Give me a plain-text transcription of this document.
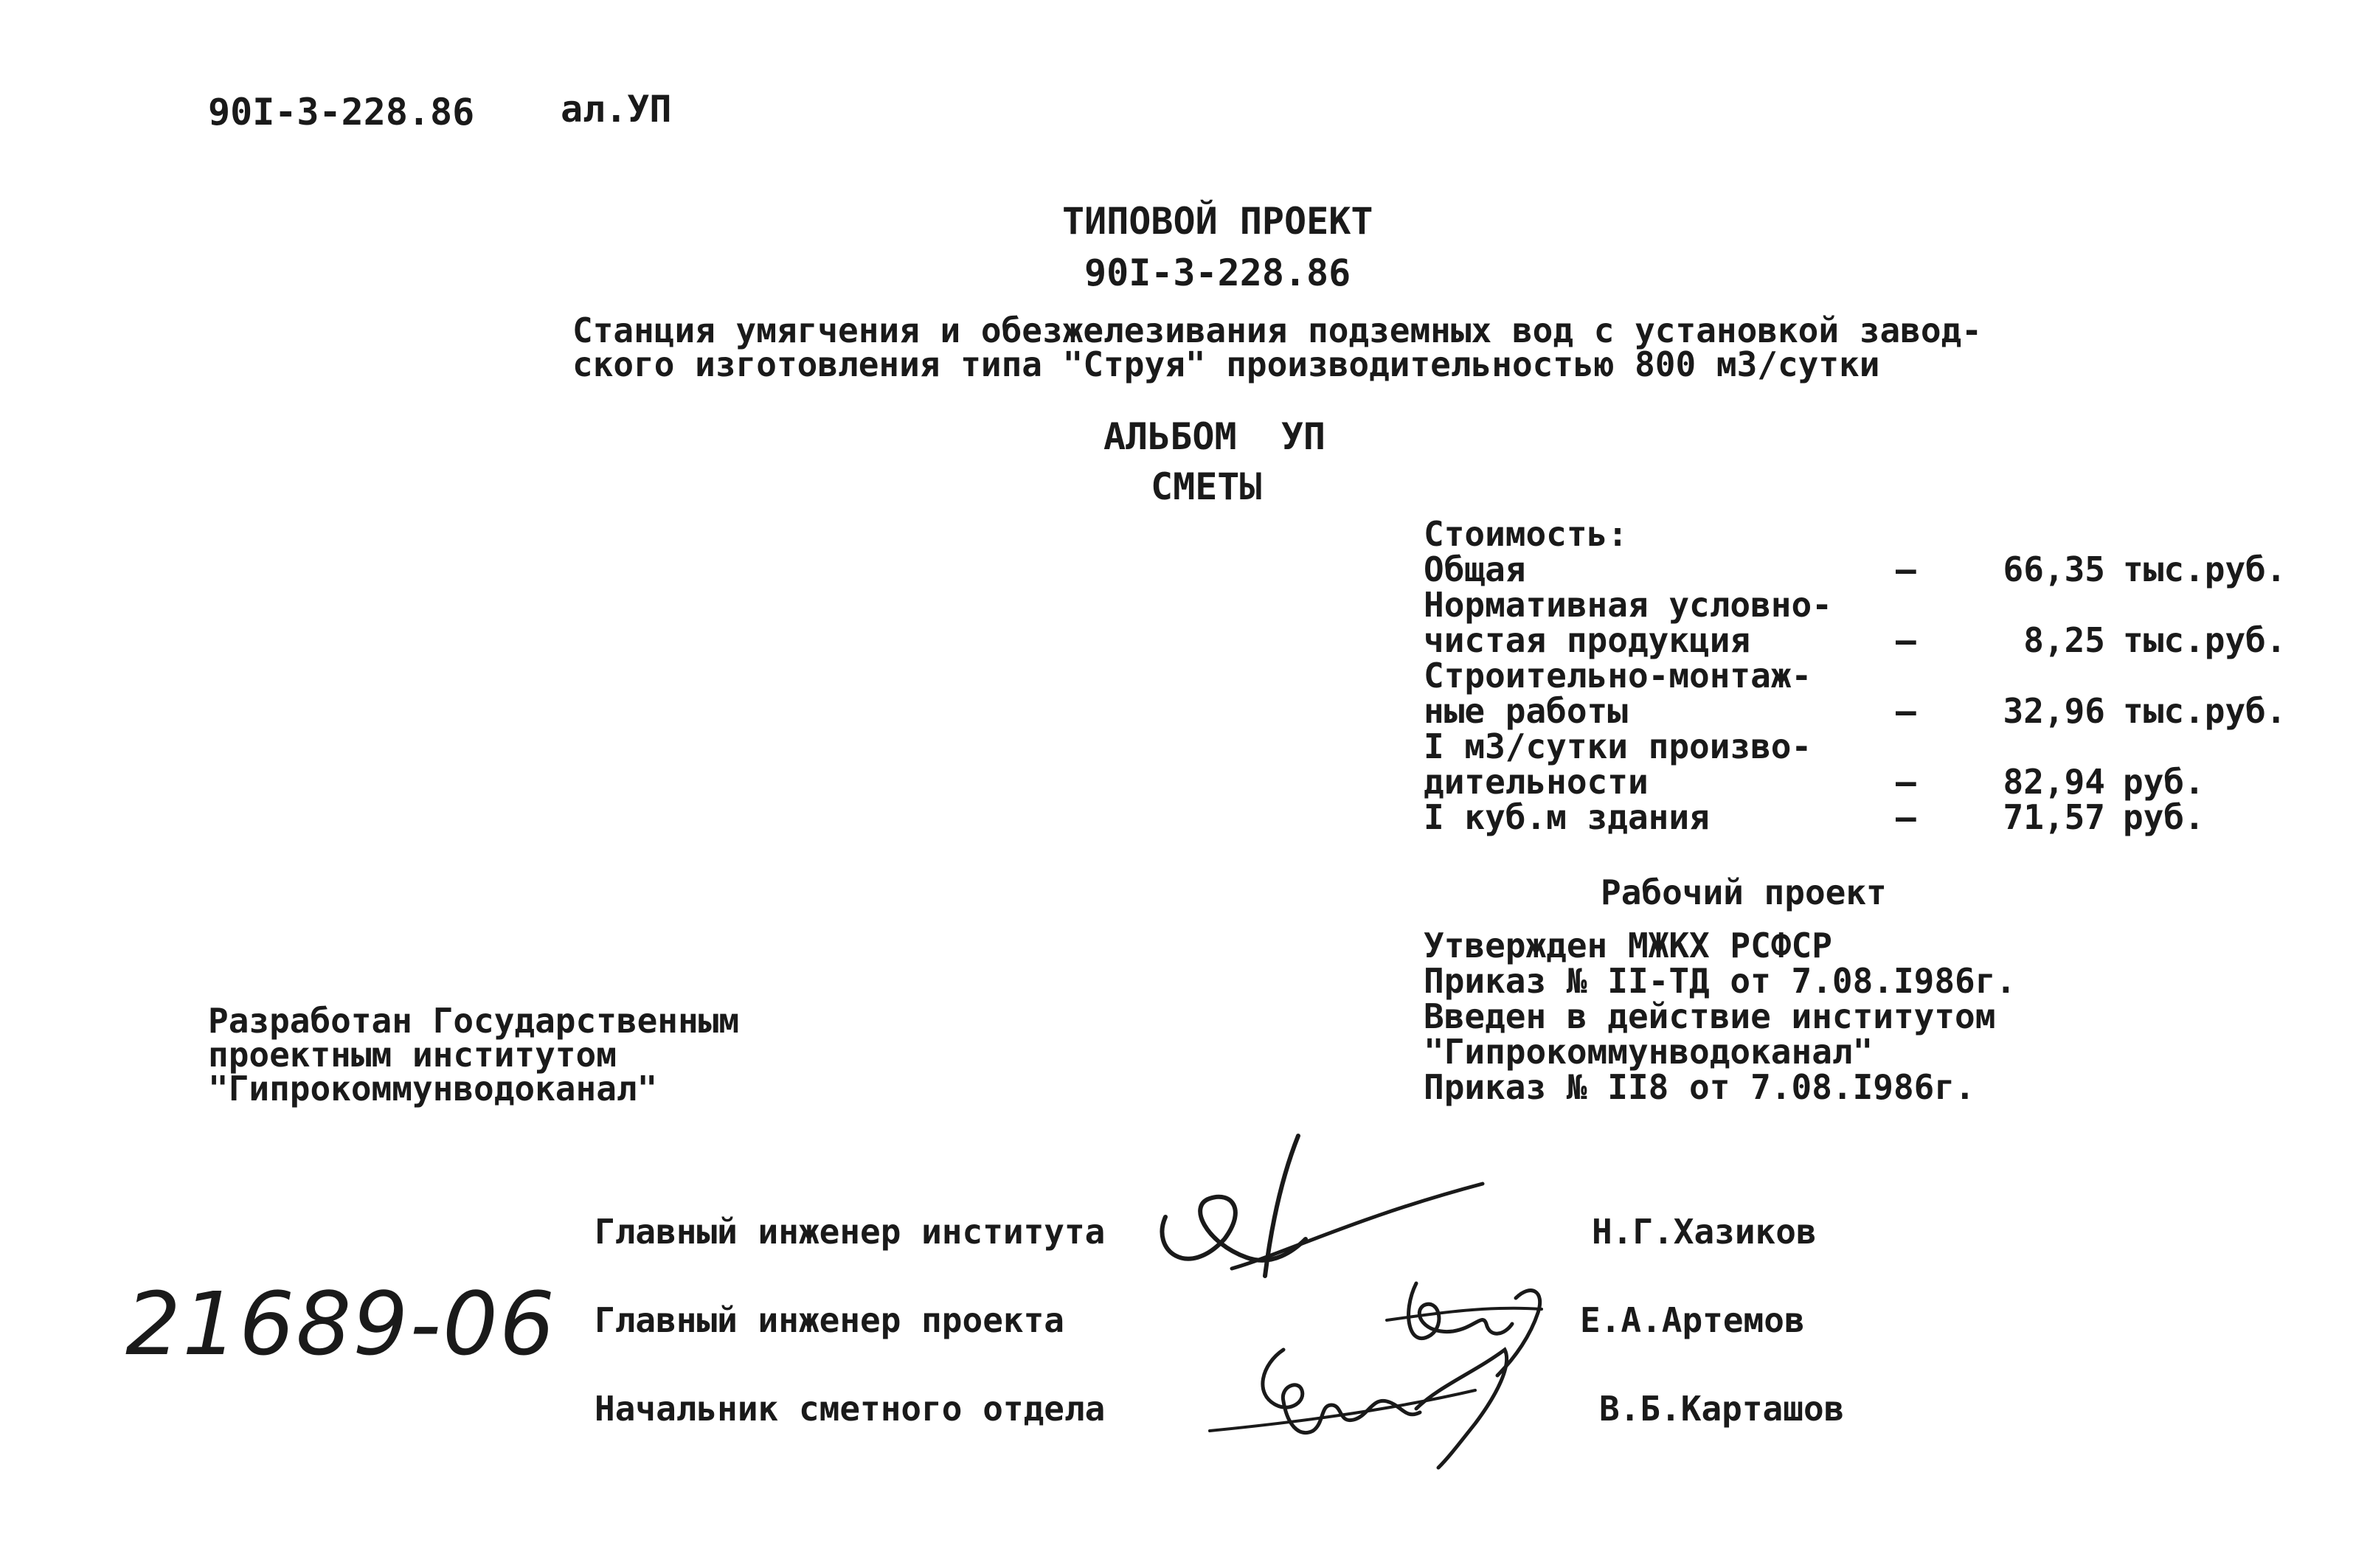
90I-3-228.86 ал.УП
ТИПОВОЙ ПРОЕКТ
90I-3-228.86
Станция умягчения и обезжелезивания подземных вод с установкой завод-
ского изготовления типа "Струя" производительностью 800 м3/сутки
АЛЬБОМ  УП
СМЕТЫ
Стоимость:
Общая	–	66,35 тыс.руб.
Нормативная условно-
чистая продукция	–	8,25 тыс.руб.
Строительно-монтаж-
ные работы	–	32,96 тыс.руб.
I м3/сутки произво-
дительности	–	82,94 руб.
I куб.м здания	–	71,57 руб.
Рабочий проект
Утвержден МЖКХ РСФСР
Приказ № II-ТД от 7.08.I986г.
Введен в действие институтом
"Гипрокоммунводоканал"
Приказ № II8 от 7.08.I986г.
Разработан Государственным
проектным институтом
"Гипрокоммунводоканал"
Главный инженер института	Н.Г.Хазиков
Главный инженер проекта	Е.А.Артемов
Начальник сметного отдела	В.Б.Карташов
21689-06
